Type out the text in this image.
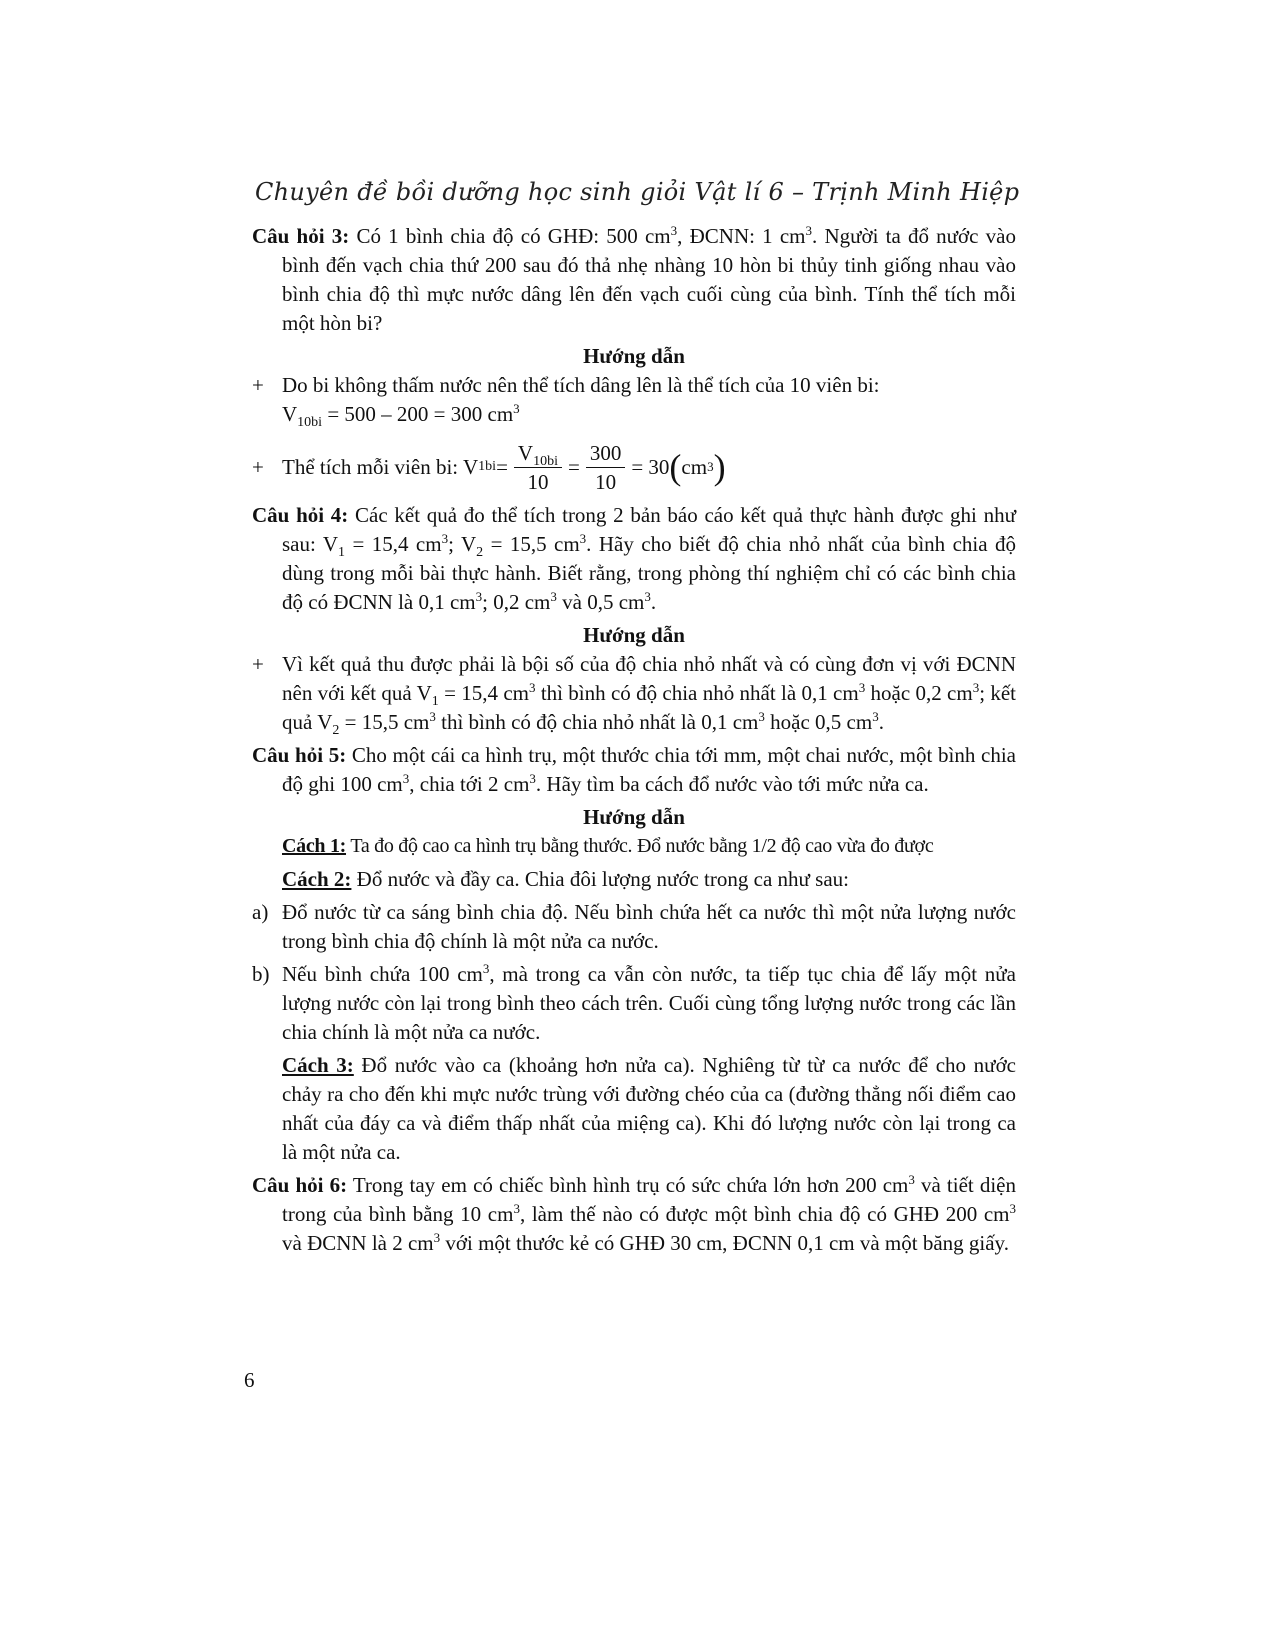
Chuyên đề bồi dưỡng học sinh giỏi Vật lí 6 – Trịnh Minh Hiệp

Câu hỏi 3: Có 1 bình chia độ có GHĐ: 500 $cm^3$, ĐCNN: 1 $cm^3$. Người ta đổ nước vào bình đến vạch chia thứ 200 sau đó thả nhẹ nhàng 10 hòn bi thủy tinh giống nhau vào bình chia độ thì mực nước dâng lên đến vạch cuối cùng của bình. Tính thể tích mỗi một hòn bi?

Hướng dẫn
+ Do bi không thấm nước nên thể tích dâng lên là thể tích của 10 viên bi:
$V_{10bi} = 500 - 200 = 300$ $cm^3$
+ Thể tích mỗi viên bi: V $1bi = \frac{V_{10bi}}{10} = \frac{300}{10} = 30$ ( cm 3 )

Câu hỏi 4: Các kết quả đo thể tích trong 2 bản báo cáo kết quả thực hành được ghi như sau: $V_1 = 15,4$ $cm^3$; $V_2 = 15,5$ $cm^3$. Hãy cho biết độ chia nhỏ nhất của bình chia độ dùng trong mỗi bài thực hành. Biết rằng, trong phòng thí nghiệm chỉ có các bình chia độ có ĐCNN là 0,1 $cm^3$; 0,2 $cm^3$ và 0,5 $cm^3$.

Hướng dẫn
+ Vì kết quả thu được phải là bội số của độ chia nhỏ nhất và có cùng đơn vị với ĐCNN nên với kết quả $V_1 = 15,4$ $cm^3$ thì bình có độ chia nhỏ nhất là 0,1 $cm^3$ hoặc 0,2 $cm^3$; kết quả $V_2 = 15,5$ $cm^3$ thì bình có độ chia nhỏ nhất là 0,1 $cm^3$ hoặc 0,5 $cm^3$.

Câu hỏi 5: Cho một cái ca hình trụ, một thước chia tới mm, một chai nước, một bình chia độ ghi 100 $cm^3$, chia tới 2 $cm^3$. Hãy tìm ba cách đổ nước vào tới mức nửa ca.

Hướng dẫn
Cách 1: Ta đo độ cao ca hình trụ bằng thước. Đổ nước bằng 1/2 độ cao vừa đo được
Cách 2: Đổ nước và đầy ca. Chia đôi lượng nước trong ca như sau:
a) Đổ nước từ ca sáng bình chia độ. Nếu bình chứa hết ca nước thì một nửa lượng nước trong bình chia độ chính là một nửa ca nước.
b) Nếu bình chứa 100 $cm^3$, mà trong ca vẫn còn nước, ta tiếp tục chia để lấy một nửa lượng nước còn lại trong bình theo cách trên. Cuối cùng tổng lượng nước trong các lần chia chính là một nửa ca nước.
Cách 3: Đổ nước vào ca (khoảng hơn nửa ca). Nghiêng từ từ ca nước để cho nước chảy ra cho đến khi mực nước trùng với đường chéo của ca (đường thẳng nối điểm cao nhất của đáy ca và điểm thấp nhất của miệng ca). Khi đó lượng nước còn lại trong ca là một nửa ca.

Câu hỏi 6: Trong tay em có chiếc bình hình trụ có sức chứa lớn hơn 200 $cm^3$ và tiết diện trong của bình bằng 10 $cm^3$, làm thế nào có được một bình chia độ có GHĐ 200 $cm^3$ và ĐCNN là 2 $cm^3$ với một thước kẻ có GHĐ 30 cm, ĐCNN 0,1 cm và một băng giấy.

6
